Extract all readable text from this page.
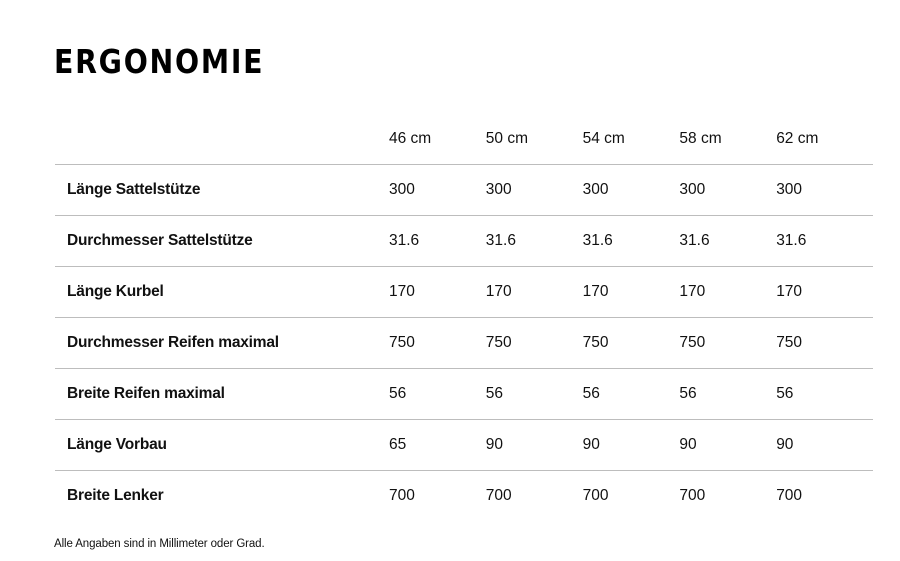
ERGONOMIE
	46 cm	50 cm	54 cm	58 cm	62 cm
Länge Sattelstütze	300	300	300	300	300
Durchmesser Sattelstütze	31.6	31.6	31.6	31.6	31.6
Länge Kurbel	170	170	170	170	170
Durchmesser Reifen maximal	750	750	750	750	750
Breite Reifen maximal	56	56	56	56	56
Länge Vorbau	65	90	90	90	90
Breite Lenker	700	700	700	700	700

Alle Angaben sind in Millimeter oder Grad.
